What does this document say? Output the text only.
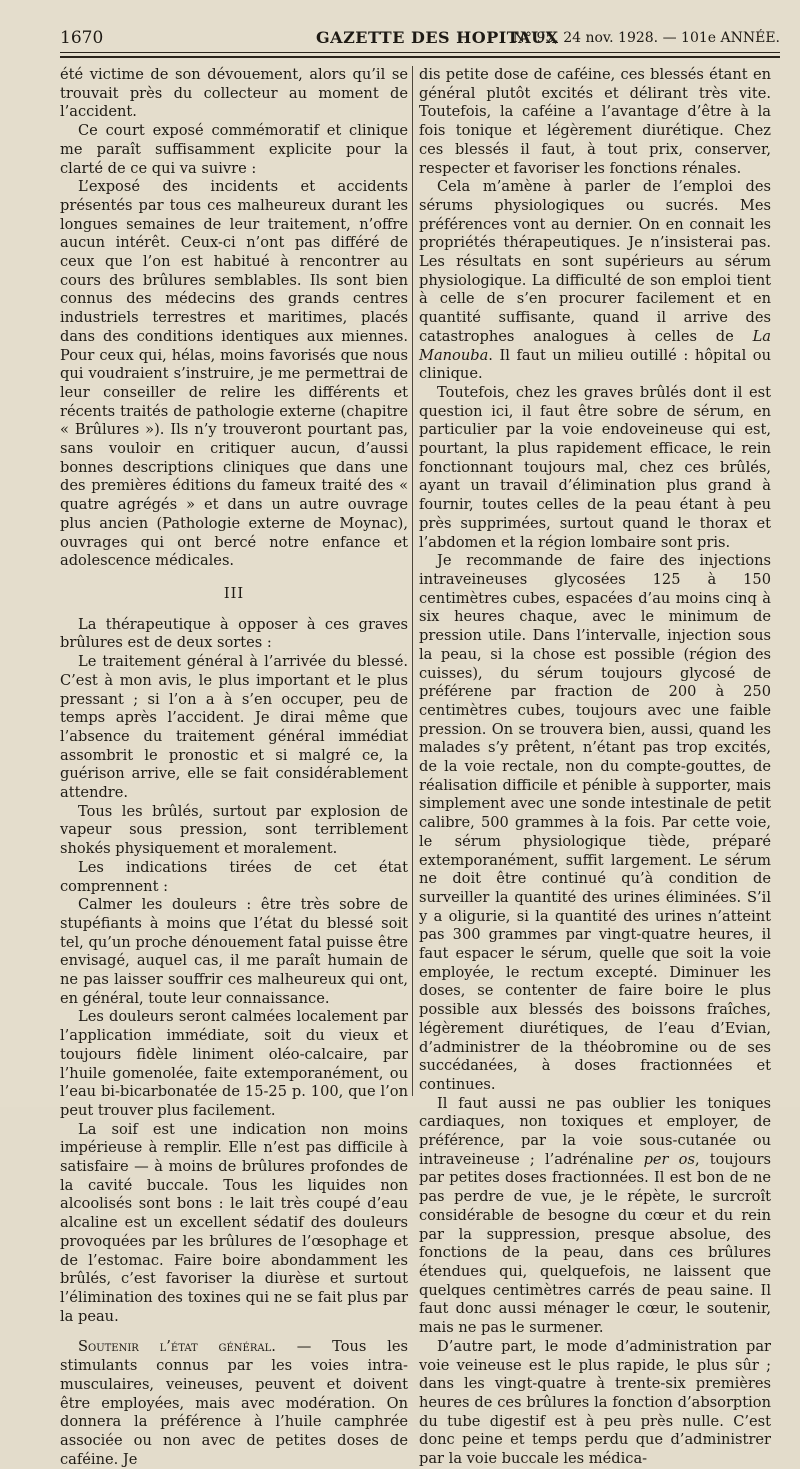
1670	GAZETTE DES HOPITAUX
N° 95, 24 nov. 1928. — 101e ANNÉE.

été victime de son dévouement, alors qu’il se trouvait près du collecteur au moment de l’accident.

Ce court exposé commémoratif et clinique me paraît suffisamment explicite pour la clarté de ce qui va suivre :

L’exposé des incidents et accidents présentés par tous ces malheureux durant les longues semaines de leur traitement, n’offre aucun intérêt. Ceux-ci n’ont pas différé de ceux que l’on est habitué à rencontrer au cours des brûlures semblables. Ils sont bien connus des médecins des grands centres industriels terrestres et maritimes, placés dans des conditions identiques aux miennes. Pour ceux qui, hélas, moins favorisés que nous qui voudraient s’instruire, je me permettrai de leur conseiller de relire les différents et récents traités de pathologie externe (chapitre « Brûlures »). Ils n’y trouveront pourtant pas, sans vouloir en critiquer aucun, d’aussi bonnes descriptions cliniques que dans une des premières éditions du fameux traité des « quatre agrégés » et dans un autre ouvrage plus ancien (Pathologie externe de Moynac), ouvrages qui ont bercé notre enfance et adolescence médicales.

III

La thérapeutique à opposer à ces graves brûlures est de deux sortes :

Le traitement général à l’arrivée du blessé. C’est à mon avis, le plus important et le plus pressant ; si l’on a à s’en occuper, peu de temps après l’accident. Je dirai même que l’absence du traitement général immédiat assombrit le pronostic et si malgré ce, la guérison arrive, elle se fait considérablement attendre.

Tous les brûlés, surtout par explosion de vapeur sous pression, sont terriblement shokés physiquement et moralement.

Les indications tirées de cet état comprennent :

Calmer les douleurs : être très sobre de stupéfiants à moins que l’état du blessé soit tel, qu’un proche dénouement fatal puisse être envisagé, auquel cas, il me paraît humain de ne pas laisser souffrir ces malheureux qui ont, en général, toute leur connaissance.

Les douleurs seront calmées localement par l’application immédiate, soit du vieux et toujours fidèle liniment oléo-calcaire, par l’huile gomenolée, faite extemporanément, ou l’eau bi-bicarbonatée de 15-25 p. 100, que l’on peut trouver plus facilement.

La soif est une indication non moins impérieuse à remplir. Elle n’est pas difficile à satisfaire — à moins de brûlures profondes de la cavité buccale. Tous les liquides non alcoolisés sont bons : le lait très coupé d’eau alcaline est un excellent sédatif des douleurs provoquées par les brûlures de l’œsophage et de l’estomac. Faire boire abondamment les brûlés, c’est favoriser la diurèse et surtout l’élimination des toxines qui ne se fait plus par la peau.

Soutenir l’état général. — Tous les stimulants connus par les voies intra-musculaires, veineuses, peuvent et doivent être employées, mais avec modération. On donnera la préférence à l’huile camphrée associée ou non avec de petites doses de caféine. Je

dis petite dose de caféine, ces blessés étant en général plutôt excités et délirant très vite. Toutefois, la caféine a l’avantage d’être à la fois tonique et légèrement diurétique. Chez ces blessés il faut, à tout prix, conserver, respecter et favoriser les fonctions rénales.

Cela m’amène à parler de l’emploi des sérums physiologiques ou sucrés. Mes préférences vont au dernier. On en connait les propriétés thérapeutiques. Je n’insisterai pas. Les résultats en sont supérieurs au sérum physiologique. La difficulté de son emploi tient à celle de s’en procurer facilement et en quantité suffisante, quand il arrive des catastrophes analogues à celles de La Manouba. Il faut un milieu outillé : hôpital ou clinique.

Toutefois, chez les graves brûlés dont il est question ici, il faut être sobre de sérum, en particulier par la voie endoveineuse qui est, pourtant, la plus rapidement efficace, le rein fonctionnant toujours mal, chez ces brûlés, ayant un travail d’élimination plus grand à fournir, toutes celles de la peau étant à peu près supprimées, surtout quand le thorax et l’abdomen et la région lombaire sont pris.

Je recommande de faire des injections intraveineuses glycosées 125 à 150 centimètres cubes, espacées d’au moins cinq à six heures chaque, avec le minimum de pression utile. Dans l’intervalle, injection sous la peau, si la chose est possible (région des cuisses), du sérum toujours glycosé de préférene par fraction de 200 à 250 centimètres cubes, toujours avec une faible pression. On se trouvera bien, aussi, quand les malades s’y prêtent, n’étant pas trop excités, de la voie rectale, non du compte-gouttes, de réalisation difficile et pénible à supporter, mais simplement avec une sonde intestinale de petit calibre, 500 grammes à la fois. Par cette voie, le sérum physiologique tiède, préparé extemporanément, suffit largement. Le sérum ne doit être continué qu’à condition de surveiller la quantité des urines éliminées. S’il y a oligurie, si la quantité des urines n’atteint pas 300 grammes par vingt-quatre heures, il faut espacer le sérum, quelle que soit la voie employée, le rectum excepté. Diminuer les doses, se contenter de faire boire le plus possible aux blessés des boissons fraîches, légèrement diurétiques, de l’eau d’Evian, d’administrer de la théobromine ou de ses succédanées, à doses fractionnées et continues.

Il faut aussi ne pas oublier les toniques cardiaques, non toxiques et employer, de préférence, par la voie sous-cutanée ou intraveineuse ; l’adrénaline per os, toujours par petites doses fractionnées. Il est bon de ne pas perdre de vue, je le répète, le surcroît considérable de besogne du cœur et du rein par la suppression, presque absolue, des fonctions de la peau, dans ces brûlures étendues qui, quelquefois, ne laissent que quelques centimètres carrés de peau saine. Il faut donc aussi ménager le cœur, le soutenir, mais ne pas le surmener.

D’autre part, le mode d’administration par voie veineuse est le plus rapide, le plus sûr ; dans les vingt-quatre à trente-six premières heures de ces brûlures la fonction d’absorption du tube digestif est à peu près nulle. C’est donc peine et temps perdu que d’administrer par la voie buccale les médica-
